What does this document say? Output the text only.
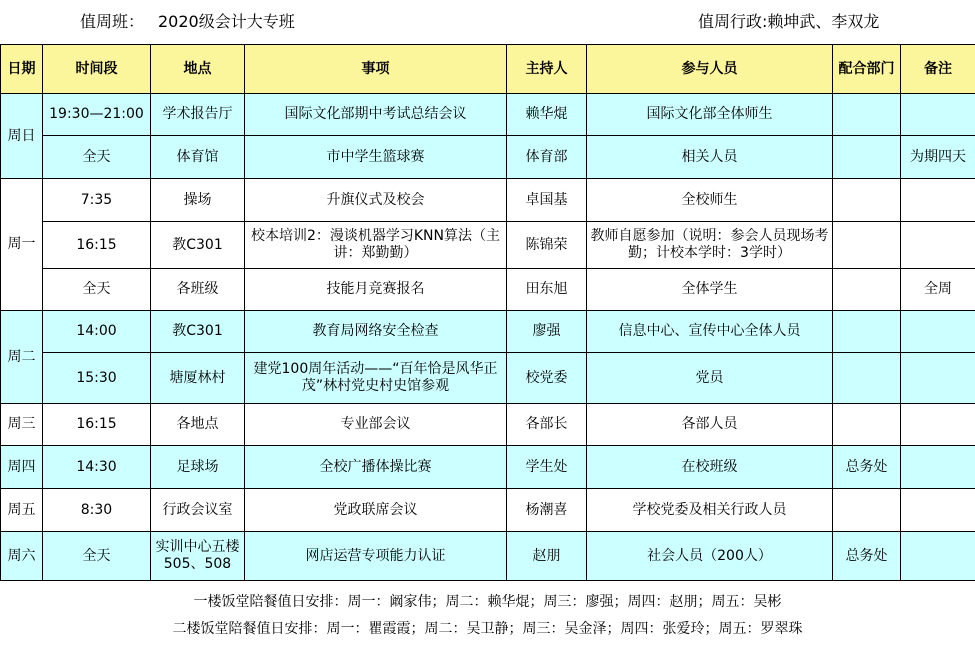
值周班： 2020级会计大专班	值周行政:赖坤武、李双龙
日期	时间段	地点	事项	主持人	参与人员	配合部门	备注
周日	19:30—21:00	学术报告厅	国际文化部期中考试总结会议	赖华焜	国际文化部全体师生		
	全天	体育馆	市中学生篮球赛	体育部	相关人员		为期四天
周一	7:35	操场	升旗仪式及校会	卓国基	全校师生		
	16:15	教C301	校本培训2：漫谈机器学习KNN算法（主讲：郑勤勤）	陈锦荣	教师自愿参加（说明：参会人员现场考勤；计校本学时：3学时）		
	全天	各班级	技能月竞赛报名	田东旭	全体学生		全周
周二	14:00	教C301	教育局网络安全检查	廖强	信息中心、宣传中心全体人员		
	15:30	塘厦林村	建党100周年活动——“百年恰是风华正茂”林村党史村史馆参观	校党委	党员		
周三	16:15	各地点	专业部会议	各部长	各部人员		
周四	14:30	足球场	全校广播体操比赛	学生处	在校班级	总务处	
周五	8:30	行政会议室	党政联席会议	杨潮喜	学校党委及相关行政人员		
周六	全天	实训中心五楼505、508	网店运营专项能力认证	赵朋	社会人员（200人）	总务处	
一楼饭堂陪餐值日安排：周一：阚家伟；周二：赖华焜；周三：廖强；周四：赵朋；周五：吴彬
二楼饭堂陪餐值日安排：周一：瞿霞霞；周二：吴卫静；周三：吴金泽；周四：张爱玲；周五：罗翠珠
